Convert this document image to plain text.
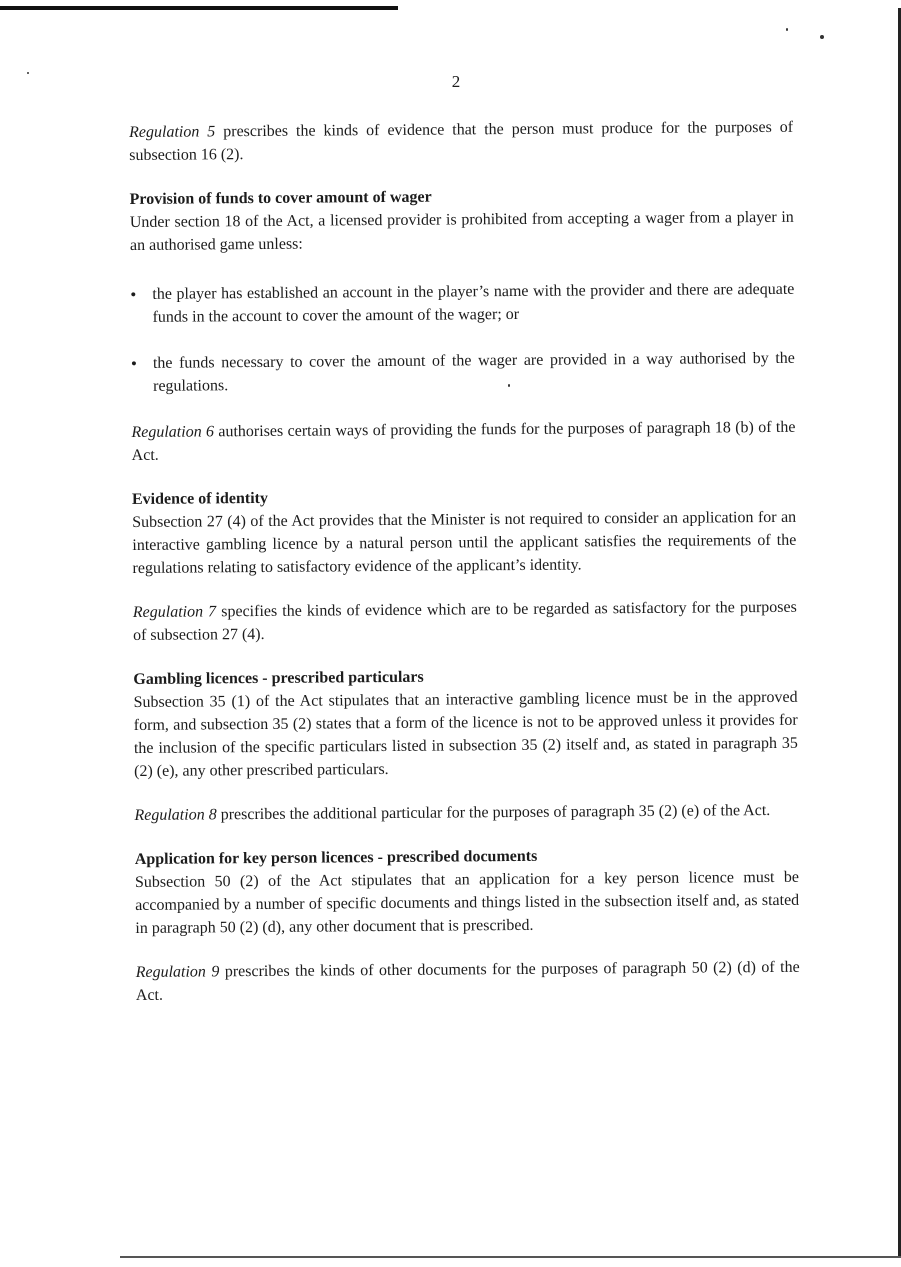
2

Regulation 5 prescribes the kinds of evidence that the person must produce for the purposes of subsection 16 (2).

Provision of funds to cover amount of wager

Under section 18 of the Act, a licensed provider is prohibited from accepting a wager from a player in an authorised game unless:

• the player has established an account in the player’s name with the provider and there are adequate funds in the account to cover the amount of the wager; or
• the funds necessary to cover the amount of the wager are provided in a way authorised by the regulations.

Regulation 6 authorises certain ways of providing the funds for the purposes of paragraph 18 (b) of the Act.

Evidence of identity

Subsection 27 (4) of the Act provides that the Minister is not required to consider an application for an interactive gambling licence by a natural person until the applicant satisfies the requirements of the regulations relating to satisfactory evidence of the applicant’s identity.

Regulation 7 specifies the kinds of evidence which are to be regarded as satisfactory for the purposes of subsection 27 (4).

Gambling licences - prescribed particulars

Subsection 35 (1) of the Act stipulates that an interactive gambling licence must be in the approved form, and subsection 35 (2) states that a form of the licence is not to be approved unless it provides for the inclusion of the specific particulars listed in subsection 35 (2) itself and, as stated in paragraph 35 (2) (e), any other prescribed particulars.

Regulation 8 prescribes the additional particular for the purposes of paragraph 35 (2) (e) of the Act.

Application for key person licences - prescribed documents

Subsection 50 (2) of the Act stipulates that an application for a key person licence must be accompanied by a number of specific documents and things listed in the subsection itself and, as stated in paragraph 50 (2) (d), any other document that is prescribed.

Regulation 9 prescribes the kinds of other documents for the purposes of paragraph 50 (2) (d) of the Act.
